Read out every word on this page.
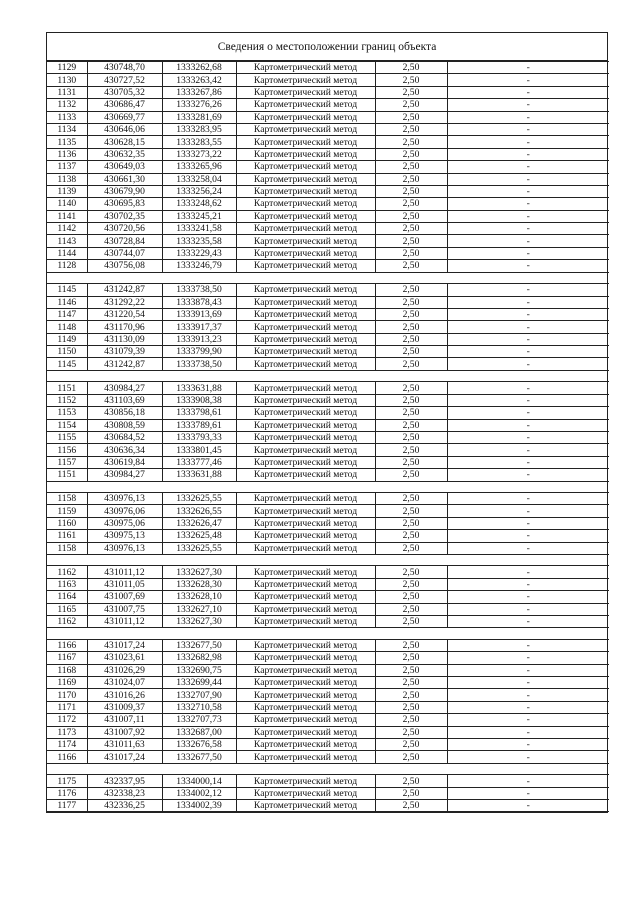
Сведения о местоположении границ объекта
1129	430748,70	1333262,68	Картометрический метод	2,50	-
1130	430727,52	1333263,42	Картометрический метод	2,50	-
1131	430705,32	1333267,86	Картометрический метод	2,50	-
1132	430686,47	1333276,26	Картометрический метод	2,50	-
1133	430669,77	1333281,69	Картометрический метод	2,50	-
1134	430646,06	1333283,95	Картометрический метод	2,50	-
1135	430628,15	1333283,55	Картометрический метод	2,50	-
1136	430632,35	1333273,22	Картометрический метод	2,50	-
1137	430649,03	1333265,96	Картометрический метод	2,50	-
1138	430661,30	1333258,04	Картометрический метод	2,50	-
1139	430679,90	1333256,24	Картометрический метод	2,50	-
1140	430695,83	1333248,62	Картометрический метод	2,50	-
1141	430702,35	1333245,21	Картометрический метод	2,50	-
1142	430720,56	1333241,58	Картометрический метод	2,50	-
1143	430728,84	1333235,58	Картометрический метод	2,50	-
1144	430744,07	1333229,43	Картометрический метод	2,50	-
1128	430756,08	1333246,79	Картометрический метод	2,50	-

1145	431242,87	1333738,50	Картометрический метод	2,50	-
1146	431292,22	1333878,43	Картометрический метод	2,50	-
1147	431220,54	1333913,69	Картометрический метод	2,50	-
1148	431170,96	1333917,37	Картометрический метод	2,50	-
1149	431130,09	1333913,23	Картометрический метод	2,50	-
1150	431079,39	1333799,90	Картометрический метод	2,50	-
1145	431242,87	1333738,50	Картометрический метод	2,50	-

1151	430984,27	1333631,88	Картометрический метод	2,50	-
1152	431103,69	1333908,38	Картометрический метод	2,50	-
1153	430856,18	1333798,61	Картометрический метод	2,50	-
1154	430808,59	1333789,61	Картометрический метод	2,50	-
1155	430684,52	1333793,33	Картометрический метод	2,50	-
1156	430636,34	1333801,45	Картометрический метод	2,50	-
1157	430619,84	1333777,46	Картометрический метод	2,50	-
1151	430984,27	1333631,88	Картометрический метод	2,50	-

1158	430976,13	1332625,55	Картометрический метод	2,50	-
1159	430976,06	1332626,55	Картометрический метод	2,50	-
1160	430975,06	1332626,47	Картометрический метод	2,50	-
1161	430975,13	1332625,48	Картометрический метод	2,50	-
1158	430976,13	1332625,55	Картометрический метод	2,50	-

1162	431011,12	1332627,30	Картометрический метод	2,50	-
1163	431011,05	1332628,30	Картометрический метод	2,50	-
1164	431007,69	1332628,10	Картометрический метод	2,50	-
1165	431007,75	1332627,10	Картометрический метод	2,50	-
1162	431011,12	1332627,30	Картометрический метод	2,50	-

1166	431017,24	1332677,50	Картометрический метод	2,50	-
1167	431023,61	1332682,98	Картометрический метод	2,50	-
1168	431026,29	1332690,75	Картометрический метод	2,50	-
1169	431024,07	1332699,44	Картометрический метод	2,50	-
1170	431016,26	1332707,90	Картометрический метод	2,50	-
1171	431009,37	1332710,58	Картометрический метод	2,50	-
1172	431007,11	1332707,73	Картометрический метод	2,50	-
1173	431007,92	1332687,00	Картометрический метод	2,50	-
1174	431011,63	1332676,58	Картометрический метод	2,50	-
1166	431017,24	1332677,50	Картометрический метод	2,50	-

1175	432337,95	1334000,14	Картометрический метод	2,50	-
1176	432338,23	1334002,12	Картометрический метод	2,50	-
1177	432336,25	1334002,39	Картометрический метод	2,50	-
